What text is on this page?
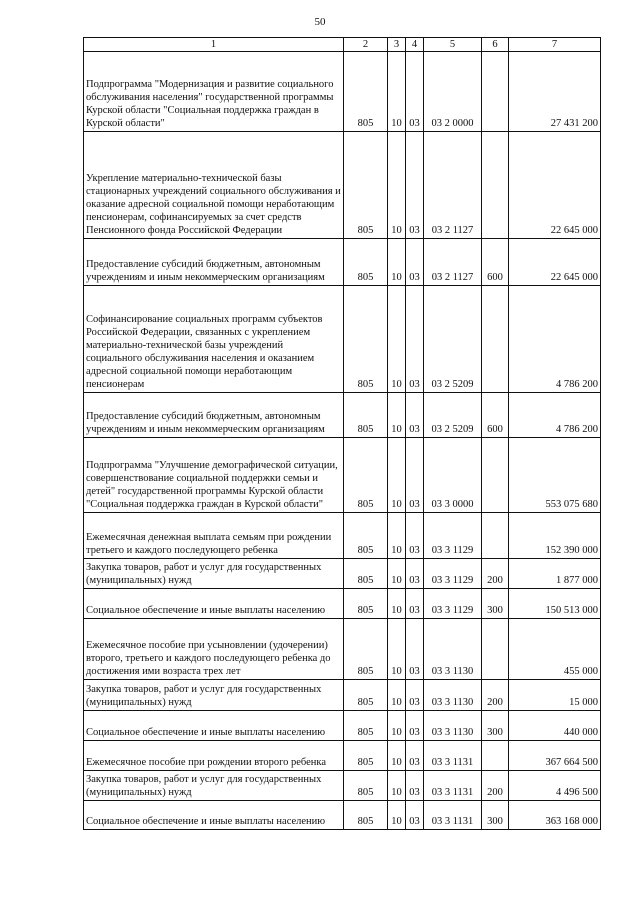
50
1	2	3	4	5	6	7
Подпрограмма "Модернизация и развитие социального обслуживания населения" государственной программы Курской области "Социальная поддержка граждан в Курской области"	805	10	03	03 2 0000		27 431 200
Укрепление материально-технической базы стационарных учреждений социального обслуживания и оказание адресной социальной помощи неработающим пенсионерам, софинансируемых за счет средств Пенсионного фонда Российской Федерации	805	10	03	03 2 1127		22 645 000
Предоставление субсидий бюджетным, автономным учреждениям и иным некоммерческим организациям	805	10	03	03 2 1127	600	22 645 000
Софинансирование социальных программ субъектов Российской Федерации, связанных с укреплением материально-технической базы учреждений социального обслуживания населения и оказанием адресной социальной помощи неработающим пенсионерам	805	10	03	03 2 5209		4 786 200
Предоставление субсидий бюджетным, автономным учреждениям и иным некоммерческим организациям	805	10	03	03 2 5209	600	4 786 200
Подпрограмма "Улучшение демографической ситуации, совершенствование социальной поддержки семьи и детей" государственной программы Курской области "Социальная поддержка граждан в Курской области"	805	10	03	03 3 0000		553 075 680
Ежемесячная денежная выплата семьям при рождении третьего и каждого последующего ребенка	805	10	03	03 3 1129		152 390 000
Закупка товаров, работ и услуг для государственных (муниципальных) нужд	805	10	03	03 3 1129	200	1 877 000
Социальное обеспечение и иные выплаты населению	805	10	03	03 3 1129	300	150 513 000
Ежемесячное пособие при усыновлении (удочерении) второго, третьего и каждого последующего ребенка до достижения ими возраста трех лет	805	10	03	03 3 1130		455 000
Закупка товаров, работ и услуг для государственных (муниципальных) нужд	805	10	03	03 3 1130	200	15 000
Социальное обеспечение и иные выплаты населению	805	10	03	03 3 1130	300	440 000
Ежемесячное пособие при рождении второго ребенка	805	10	03	03 3 1131		367 664 500
Закупка товаров, работ и услуг для государственных (муниципальных) нужд	805	10	03	03 3 1131	200	4 496 500
Социальное обеспечение и иные выплаты населению	805	10	03	03 3 1131	300	363 168 000
